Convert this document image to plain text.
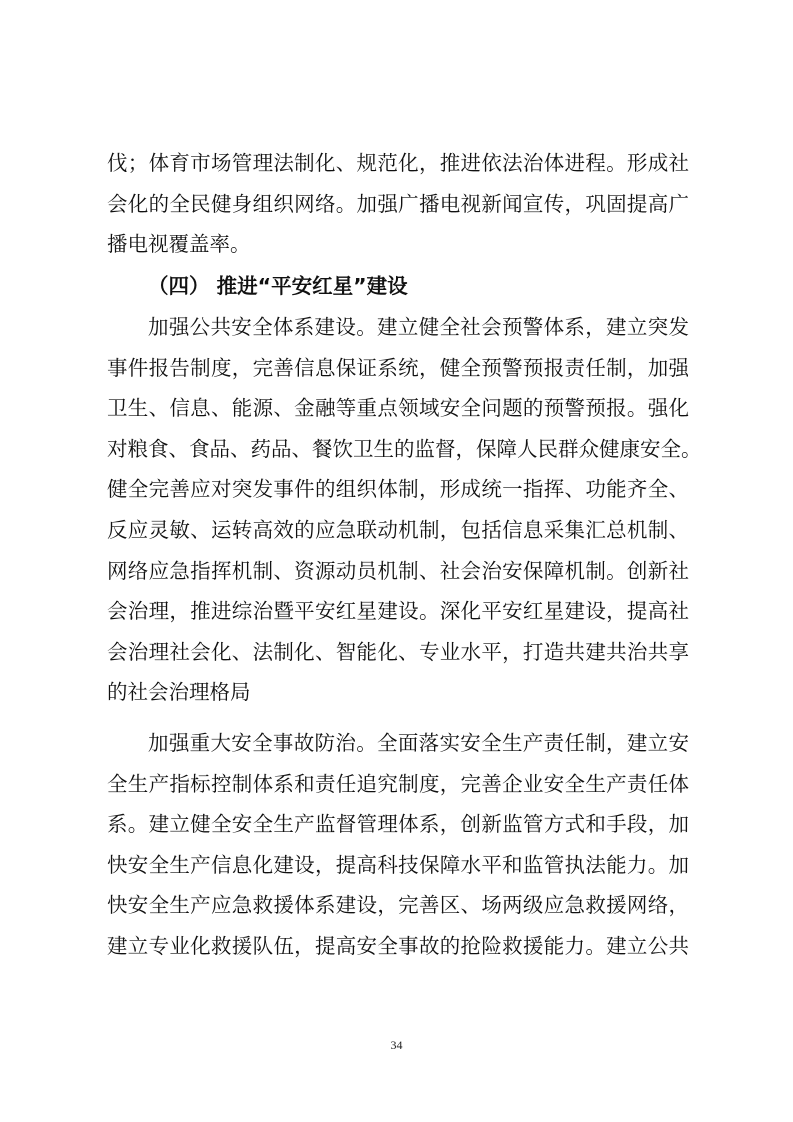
伐；体育市场管理法制化、规范化，推进依法治体进程。形成社
会化的全民健身组织网络。加强广播电视新闻宣传，巩固提高广
播电视覆盖率。
（四） 推进“平安红星”建设
加强公共安全体系建设。建立健全社会预警体系，建立突发
事件报告制度，完善信息保证系统，健全预警预报责任制，加强
卫生、信息、能源、金融等重点领域安全问题的预警预报。强化
对粮食、食品、药品、餐饮卫生的监督，保障人民群众健康安全。
健全完善应对突发事件的组织体制，形成统一指挥、功能齐全、
反应灵敏、运转高效的应急联动机制，包括信息采集汇总机制、
网络应急指挥机制、资源动员机制、社会治安保障机制。创新社
会治理，推进综治暨平安红星建设。深化平安红星建设，提高社
会治理社会化、法制化、智能化、专业水平，打造共建共治共享
的社会治理格局
加强重大安全事故防治。全面落实安全生产责任制，建立安
全生产指标控制体系和责任追究制度，完善企业安全生产责任体
系。建立健全安全生产监督管理体系，创新监管方式和手段，加
快安全生产信息化建设，提高科技保障水平和监管执法能力。加
快安全生产应急救援体系建设，完善区、场两级应急救援网络，
建立专业化救援队伍，提高安全事故的抢险救援能力。建立公共
34
